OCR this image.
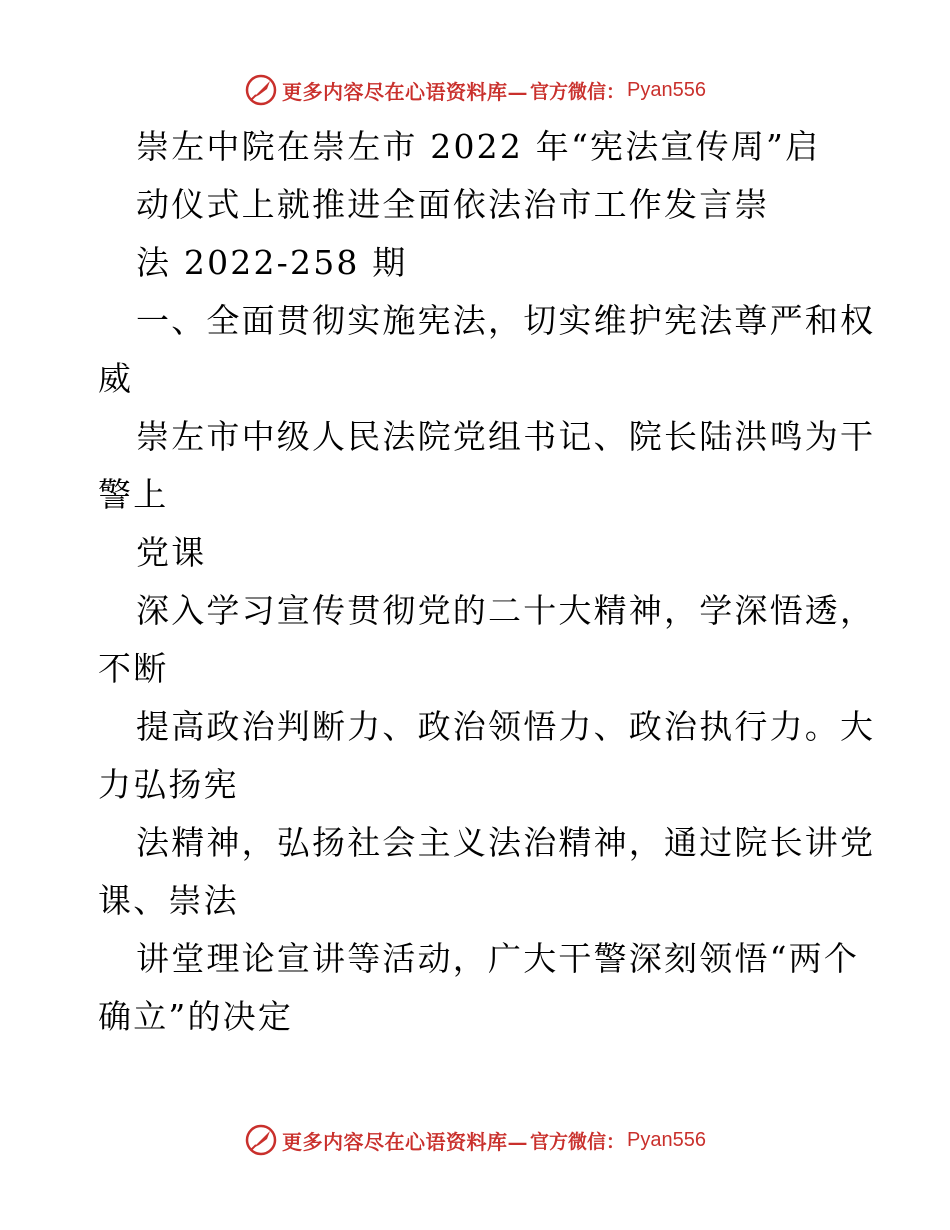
更多内容尽在心语资料库— 官方微信： Pyan556
崇左中院在崇左市 2022 年“宪法宣传周”启
动仪式上就推进全面依法治市工作发言崇
法 2022-258 期
一、全面贯彻实施宪法，切实维护宪法尊严和权
威
崇左市中级人民法院党组书记、院长陆洪鸣为干
警上
党课
深入学习宣传贯彻党的二十大精神，学深悟透，
不断
提高政治判断力、政治领悟力、政治执行力。大
力弘扬宪
法精神，弘扬社会主义法治精神，通过院长讲党
课、崇法
讲堂理论宣讲等活动，广大干警深刻领悟“两个
确立”的决定
更多内容尽在心语资料库— 官方微信： Pyan556
